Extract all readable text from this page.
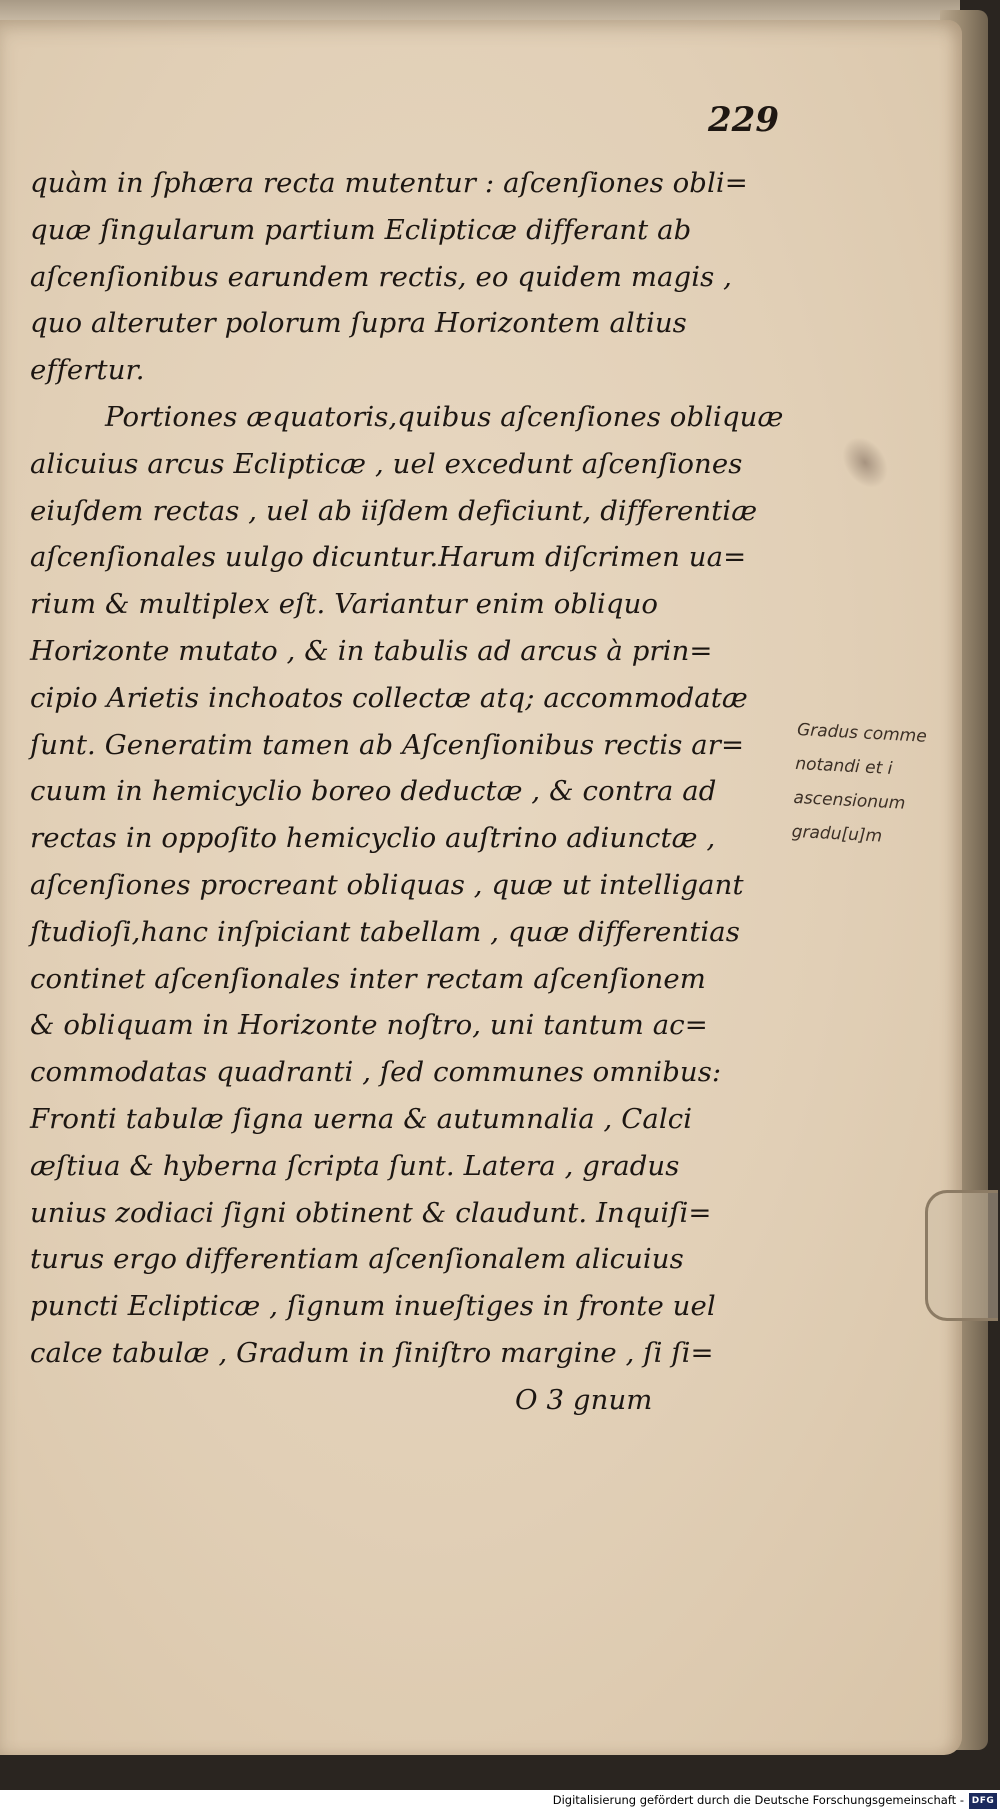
229

quàm in ſphæra recta mutentur : aſcenſiones obli=

quæ ſingularum partium Eclipticæ differant ab

aſcenſionibus earundem rectis, eo quidem magis ,

quo alteruter polorum ſupra Horizontem altius

effertur.

Portiones æquatoris,quibus aſcenſiones obliquæ

alicuius arcus Eclipticæ , uel excedunt aſcenſiones

eiuſdem rectas , uel ab iiſdem deficiunt, differentiæ

aſcenſionales uulgo dicuntur.Harum diſcrimen ua=

rium & multiplex eſt. Variantur enim obliquo

Horizonte mutato , & in tabulis ad arcus à prin=

cipio Arietis inchoatos collectæ atq; accommodatæ

ſunt. Generatim tamen ab Aſcenſionibus rectis ar=

cuum in hemicyclio boreo deductæ , & contra ad

rectas in oppoſito hemicyclio auſtrino adiunctæ ,

aſcenſiones procreant obliquas , quæ ut intelligant

ſtudioſi,hanc inſpiciant tabellam , quæ differentias

continet aſcenſionales inter rectam aſcenſionem

& obliquam in Horizonte noſtro, uni tantum ac=

commodatas quadranti , ſed communes omnibus:

Fronti tabulæ ſigna uerna & autumnalia , Calci

æſtiua & hyberna ſcripta ſunt. Latera , gradus

unius zodiaci ſigni obtinent & claudunt. Inquiſi=

turus ergo differentiam aſcenſionalem alicuius

puncti Eclipticæ , ſignum inueſtiges in fronte uel

calce tabulæ , Gradum in ſiniſtro margine , ſi ſi=

O 3 gnum

Gradus comme
notandi et i
ascensionum
gradu[u]m
Digitalisierung gefördert durch die Deutsche Forschungsgemeinschaft - DFG
